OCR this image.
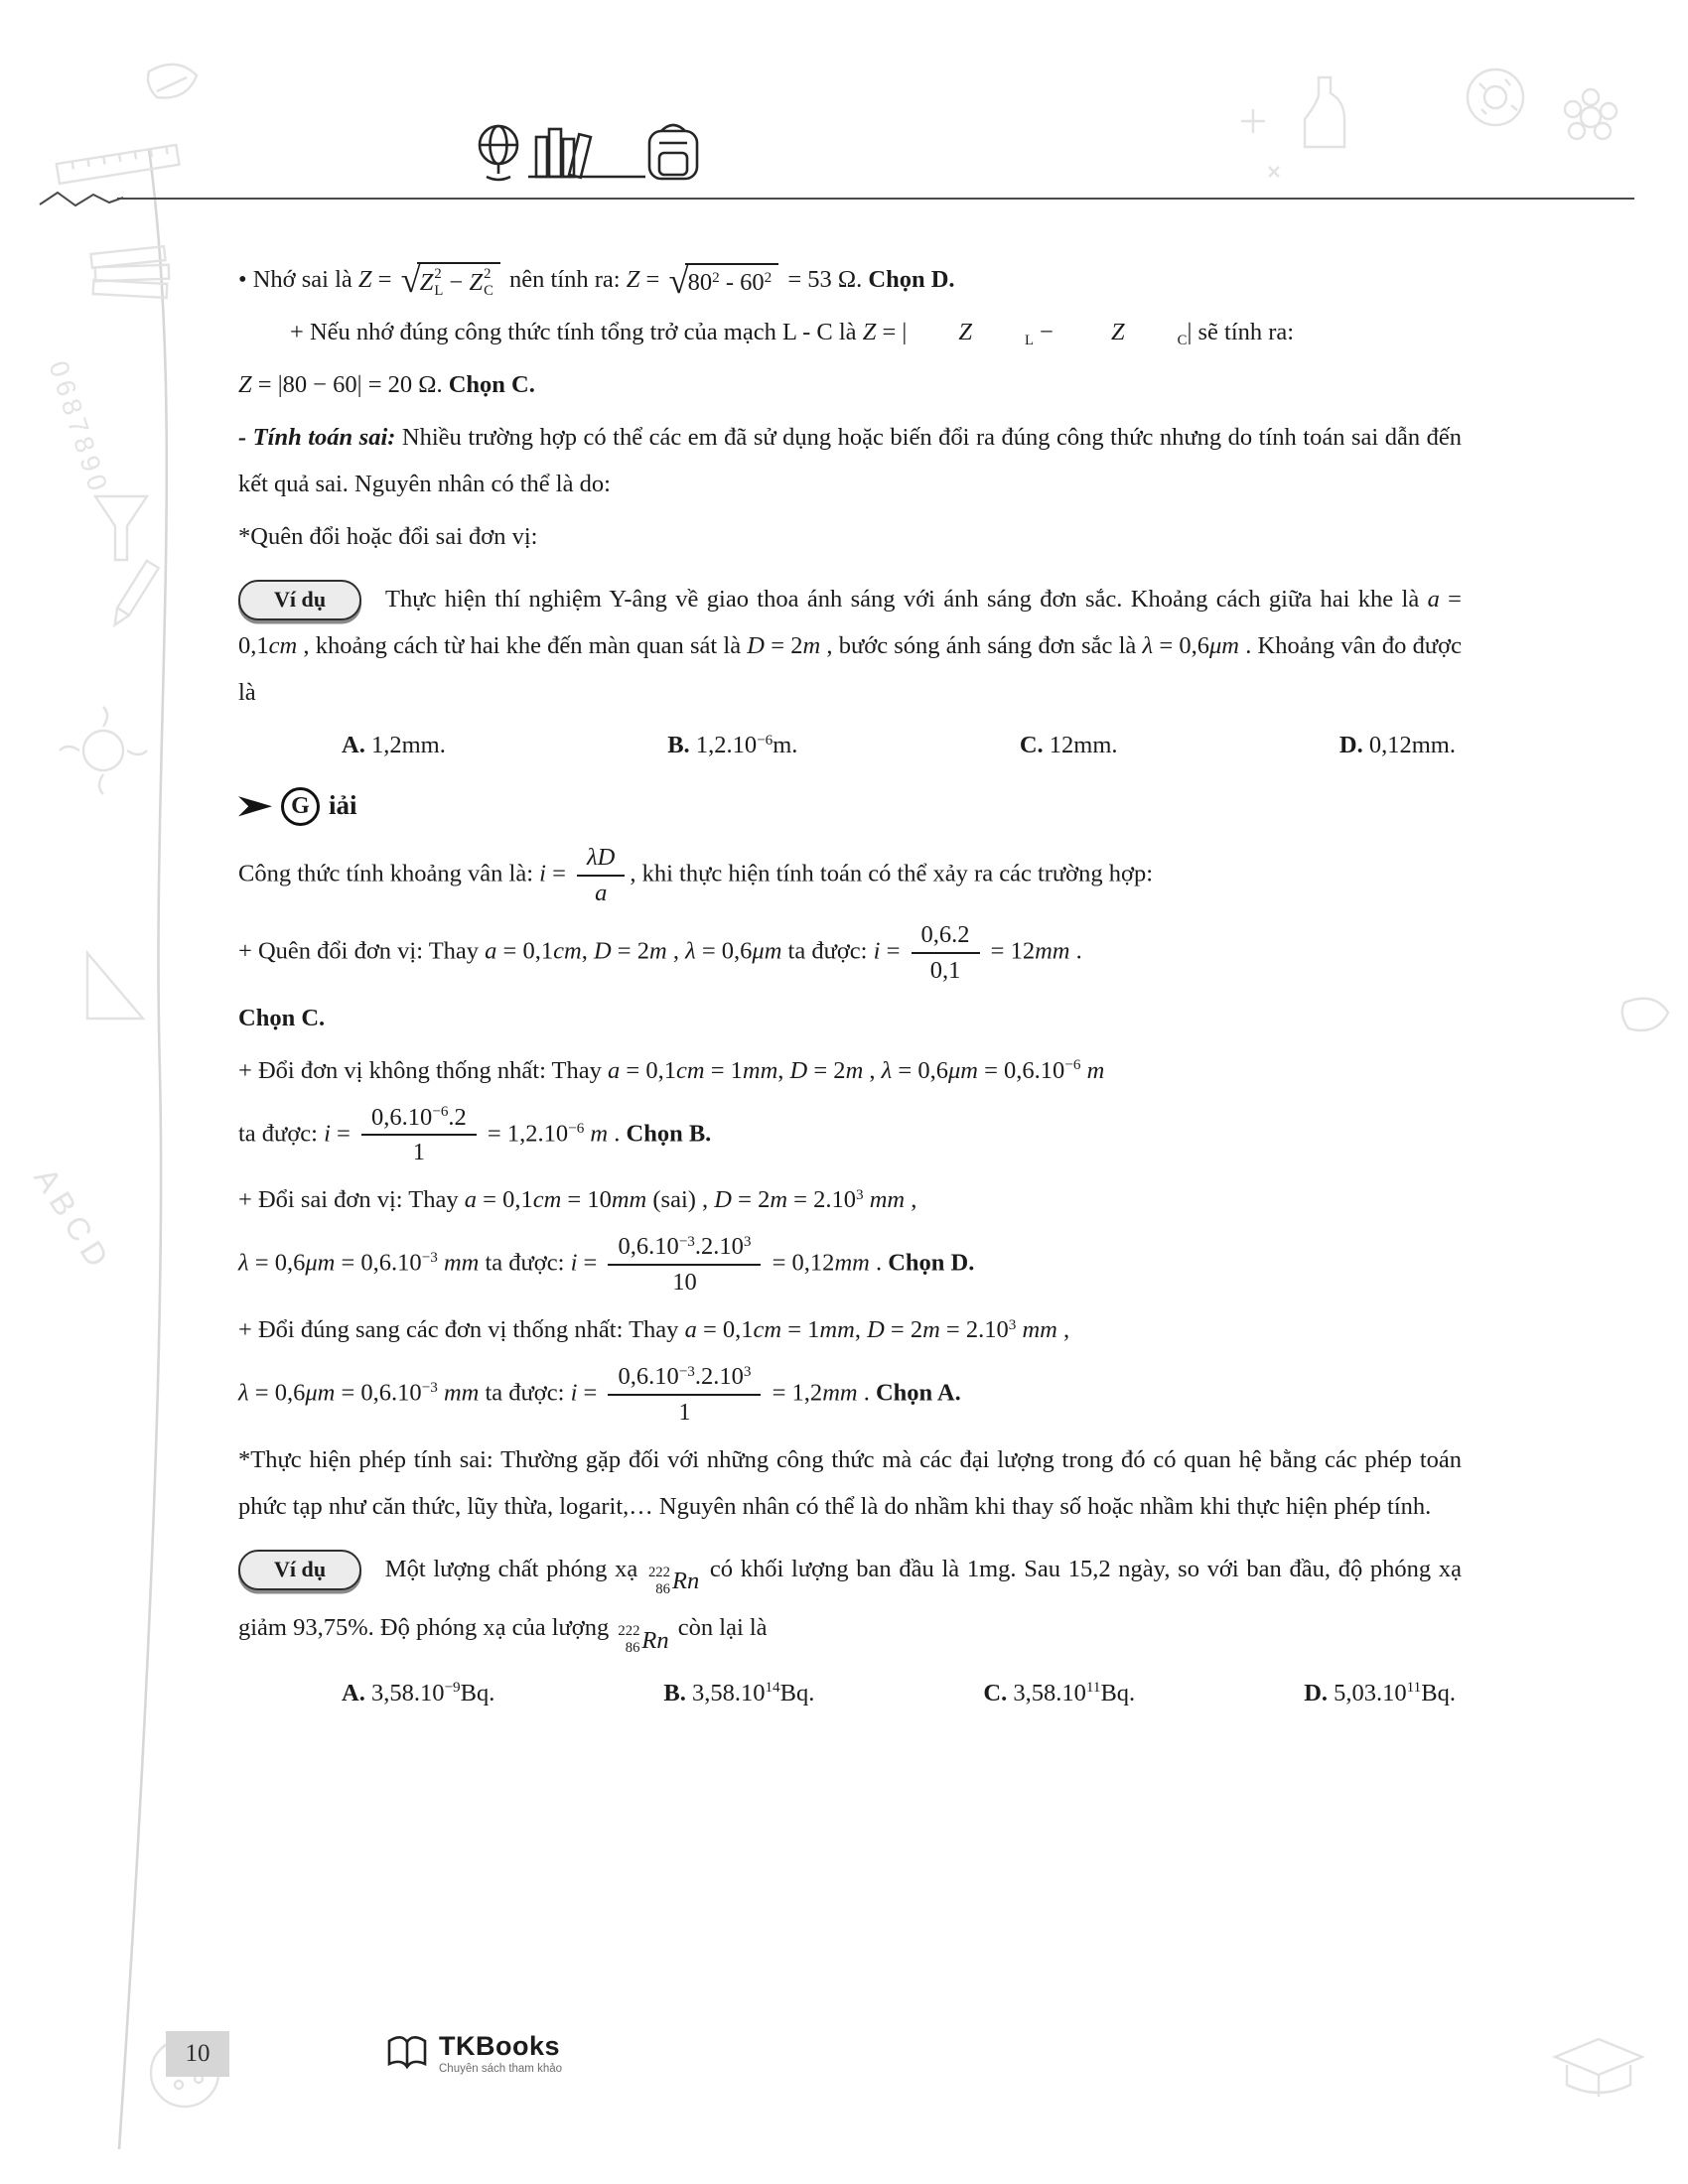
0687890
ABCD
• Nhớ sai là Z = √ Z 2
L − Z 2
C nên tính ra: Z = √ $80^2 - 60^2 = 53$ Ω. Chọn D.
+ Nếu nhớ đúng công thức tính tổng trở của mạch L - C là Z = |	Z	L −	Z	C | sẽ tính ra:
Z = |80 − 60| = 20 Ω. Chọn C.
- Tính toán sai: Nhiều trường hợp có thể các em đã sử dụng hoặc biến đổi ra đúng công thức nhưng do tính toán sai dẫn đến kết quả sai. Nguyên nhân có thể là do:
*Quên đổi hoặc đổi sai đơn vị:
Ví dụ Thực hiện thí nghiệm Y-âng về giao thoa ánh sáng với ánh sáng đơn sắc. Khoảng cách giữa hai khe là a = 0,1cm , khoảng cách từ hai khe đến màn quan sát là D = 2m , bước sóng ánh sáng đơn sắc là λ = 0,6μm . Khoảng vân đo được là
A. 1,2mm.	B. $1,2.10^{-6}m$.	C. 12mm.	D. 0,12mm.
G iải
Công thức tính khoảng vân là: $i = \frac{\lambda D}{a}$ , khi thực hiện tính toán có thể xảy ra các trường hợp:
+ Quên đổi đơn vị: Thay a = 0,1cm, D = 2m , λ = 0,6μm ta được: $i = \frac{0,6.2}{0,1} = 12mm$ .
Chọn C.
+ Đổi đơn vị không thống nhất: Thay a = 0,1cm = 1mm, D = 2m , $\lambda = 0,6\mu m = 0,6.10^{-6}$ m
ta được: $i = \frac{0,6.10^{-6}.2}{1} = 1,2.10^{-6}$ m . Chọn B.
+ Đổi sai đơn vị: Thay a = 0,1cm = 10mm (sai) , $D = 2m = 2.10^3$ mm ,
$\lambda = 0,6\mu m = 0,6.10^{-3}$ mm ta được: $i = \frac{0,6.10^{-3}.2.10^3}{10} = 0,12mm$ . Chọn D.
+ Đổi đúng sang các đơn vị thống nhất: Thay a = 0,1cm = 1mm, $D = 2m = 2.10^3$ mm ,
$\lambda = 0,6\mu m = 0,6.10^{-3}$ mm ta được: $i = \frac{0,6.10^{-3}.2.10^3}{1} = 1,2mm$ . Chọn A.
*Thực hiện phép tính sai: Thường gặp đối với những công thức mà các đại lượng trong đó có quan hệ bằng các phép toán phức tạp như căn thức, lũy thừa, logarit,… Nguyên nhân có thể là do nhầm khi thay số hoặc nhầm khi thực hiện phép tính.
Ví dụ Một lượng chất phóng xạ 222
86 Rn có khối lượng ban đầu là 1mg. Sau 15,2 ngày, so với ban đầu, độ phóng xạ giảm 93,75%. Độ phóng xạ của lượng 222
86 Rn còn lại là
A. $3,58.10^{-9}Bq$.	B. 3,58.10$^{14}$Bq.	C. 3,58.10$^{11}$Bq.	D. 5,03.10$^{11}$Bq.
10	TKBooks
Chuyên sách tham khảo
